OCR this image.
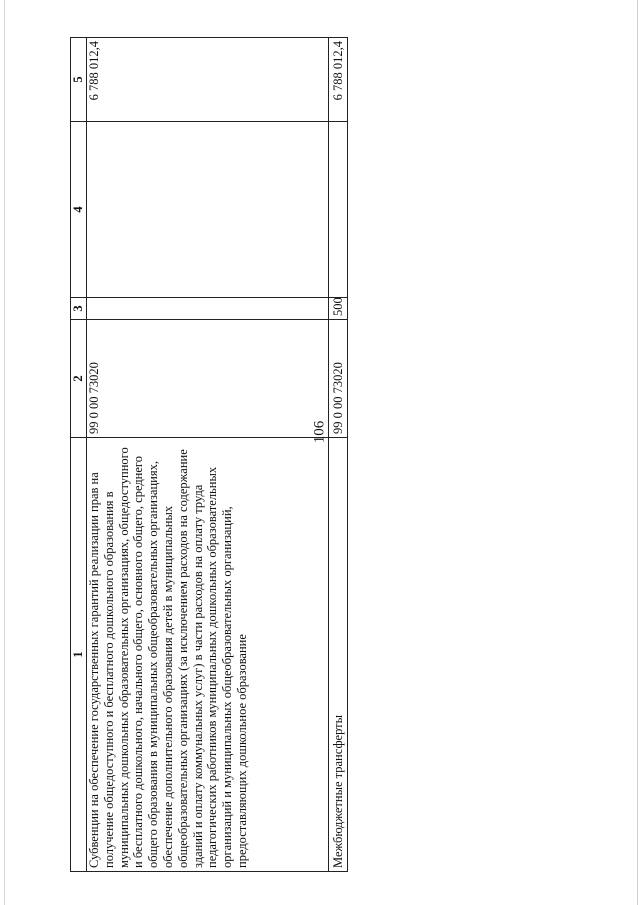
106
1	2	3	4	5
Субвенции на обеспечение государственных гарантий реализации прав на получение общедоступного и бесплатного дошкольного образования в муниципальных дошкольных образовательных организациях, общедоступного и бесплатного дошкольного, начального общего, основного общего, среднего общего образования в муниципальных общеобразовательных организациях, обеспечение дополнительного образования детей в муниципальных общеобразовательных организациях (за исключением расходов на содержание зданий и оплату коммунальных услуг) в части расходов на оплату труда педагогических работников муниципальных дошкольных образовательных организаций и муниципальных общеобразовательных организаций, предоставляющих дошкольное образование	99 0 00 73020			6 788 012,4
Межбюджетные трансферты	99 0 00 73020	500		6 788 012,4
